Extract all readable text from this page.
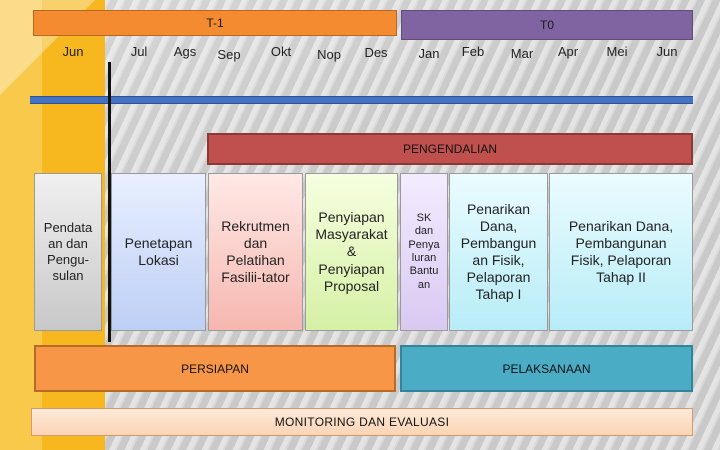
T-1	T0
Jun	Jul Ags Sep Okt Nop Des Jan Feb Mar Apr Mei Jun
PENGENDALIAN
Pendata
an dan
Pengu-
sulan
Penetapan
Lokasi
Rekrutmen
dan
Pelatihan
Fasilii-tator
Penyiapan
Masyarakat
&
Penyiapan
Proposal
SK
dan
Penya
luran
Bantu
an
Penarikan
Dana,
Pembangun
an Fisik,
Pelaporan
Tahap I
Penarikan Dana,
Pembangunan
Fisik, Pelaporan
Tahap II
PERSIAPAN	PELAKSANAAN
MONITORING DAN EVALUASI
